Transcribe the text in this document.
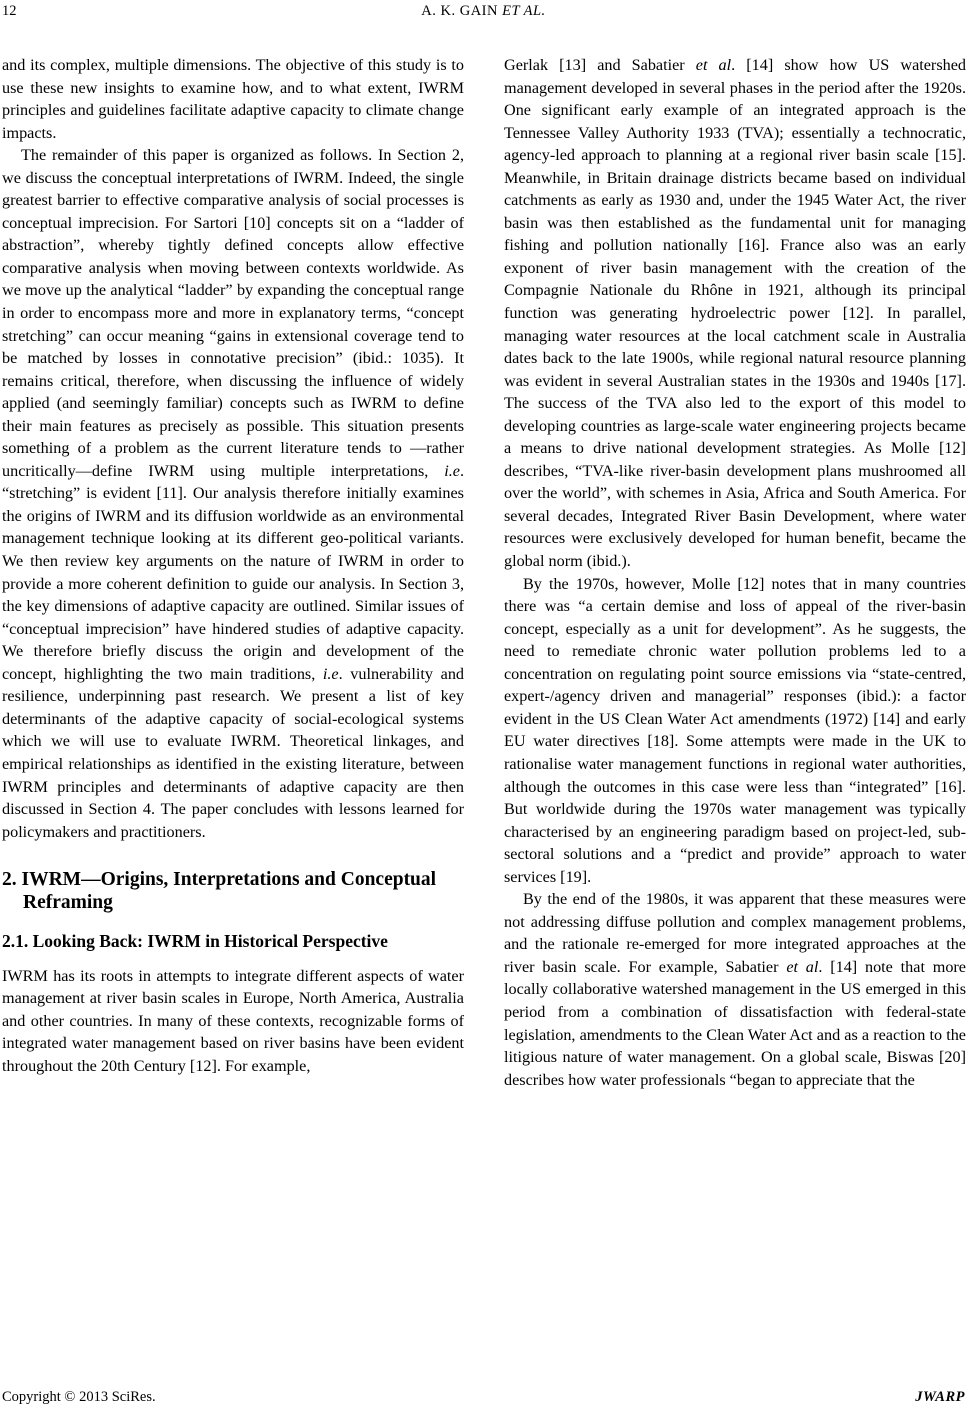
12	A. K. GAIN ET AL.

and its complex, multiple dimensions. The objective of this study is to use these new insights to examine how, and to what extent, IWRM principles and guidelines facilitate adaptive capacity to climate change impacts.

The remainder of this paper is organized as follows. In Section 2, we discuss the conceptual interpretations of IWRM. Indeed, the single greatest barrier to effective comparative analysis of social processes is conceptual imprecision. For Sartori [10] concepts sit on a “ladder of abstraction”, whereby tightly defined concepts allow effective comparative analysis when moving between contexts worldwide. As we move up the analytical “ladder” by expanding the conceptual range in order to encompass more and more in explanatory terms, “concept stretching” can occur meaning “gains in extensional coverage tend to be matched by losses in connotative precision” (ibid.: 1035). It remains critical, therefore, when discussing the influence of widely applied (and seemingly familiar) concepts such as IWRM to define their main features as precisely as possible. This situation presents something of a problem as the current literature tends to —rather uncritically—define IWRM using multiple interpretations, i.e. “stretching” is evident [11]. Our analysis therefore initially examines the origins of IWRM and its diffusion worldwide as an environmental management technique looking at its different geo-political variants. We then review key arguments on the nature of IWRM in order to provide a more coherent definition to guide our analysis. In Section 3, the key dimensions of adaptive capacity are outlined. Similar issues of “conceptual imprecision” have hindered studies of adaptive capacity. We therefore briefly discuss the origin and development of the concept, highlighting the two main traditions, i.e. vulnerability and resilience, underpinning past research. We present a list of key determinants of the adaptive capacity of social-ecological systems which we will use to evaluate IWRM. Theoretical linkages, and empirical relationships as identified in the existing literature, between IWRM principles and determinants of adaptive capacity are then discussed in Section 4. The paper concludes with lessons learned for policymakers and practitioners.

2. IWRM—Origins, Interpretations and Conceptual Reframing
2.1. Looking Back: IWRM in Historical Perspective

IWRM has its roots in attempts to integrate different aspects of water management at river basin scales in Europe, North America, Australia and other countries. In many of these contexts, recognizable forms of integrated water management based on river basins have been evident throughout the 20th Century [12]. For example,

Gerlak [13] and Sabatier et al. [14] show how US watershed management developed in several phases in the period after the 1920s. One significant early example of an integrated approach is the Tennessee Valley Authority 1933 (TVA); essentially a technocratic, agency-led approach to planning at a regional river basin scale [15]. Meanwhile, in Britain drainage districts became based on individual catchments as early as 1930 and, under the 1945 Water Act, the river basin was then established as the fundamental unit for managing fishing and pollution nationally [16]. France also was an early exponent of river basin management with the creation of the Compagnie Nationale du Rhône in 1921, although its principal function was generating hydroelectric power [12]. In parallel, managing water resources at the local catchment scale in Australia dates back to the late 1900s, while regional natural resource planning was evident in several Australian states in the 1930s and 1940s [17]. The success of the TVA also led to the export of this model to developing countries as large-scale water engineering projects became a means to drive national development strategies. As Molle [12] describes, “TVA-like river-basin development plans mushroomed all over the world”, with schemes in Asia, Africa and South America. For several decades, Integrated River Basin Development, where water resources were exclusively developed for human benefit, became the global norm (ibid.).

By the 1970s, however, Molle [12] notes that in many countries there was “a certain demise and loss of appeal of the river-basin concept, especially as a unit for development”. As he suggests, the need to remediate chronic water pollution problems led to a concentration on regulating point source emissions via “state-centred, expert-/agency driven and managerial” responses (ibid.): a factor evident in the US Clean Water Act amendments (1972) [14] and early EU water directives [18]. Some attempts were made in the UK to rationalise water management functions in regional water authorities, although the outcomes in this case were less than “integrated” [16]. But worldwide during the 1970s water management was typically characterised by an engineering paradigm based on project-led, sub-sectoral solutions and a “predict and provide” approach to water services [19].

By the end of the 1980s, it was apparent that these measures were not addressing diffuse pollution and complex management problems, and the rationale re-emerged for more integrated approaches at the river basin scale. For example, Sabatier et al. [14] note that more locally collaborative watershed management in the US emerged in this period from a combination of dissatisfaction with federal-state legislation, amendments to the Clean Water Act and as a reaction to the litigious nature of water management. On a global scale, Biswas [20] describes how water professionals “began to appreciate that the

Copyright © 2013 SciRes.	JWARP
